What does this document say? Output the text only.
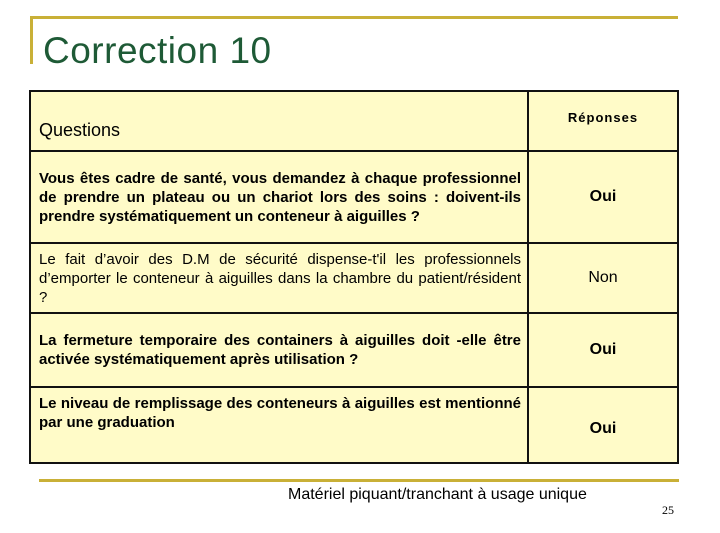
Correction 10
Questions	Réponses
Vous êtes cadre de santé, vous demandez à chaque professionnel de prendre un plateau ou un chariot lors des soins : doivent-ils prendre systématiquement un conteneur à aiguilles ?	Oui
Le fait d’avoir des D.M de sécurité dispense-t'il les professionnels d’emporter le conteneur à aiguilles dans la chambre du patient/résident ?	Non
La fermeture temporaire des containers à aiguilles doit -elle être activée systématiquement après utilisation ?	Oui
Le niveau de remplissage des conteneurs à aiguilles est mentionné par une graduation	Oui
Matériel piquant/tranchant à usage unique
25
